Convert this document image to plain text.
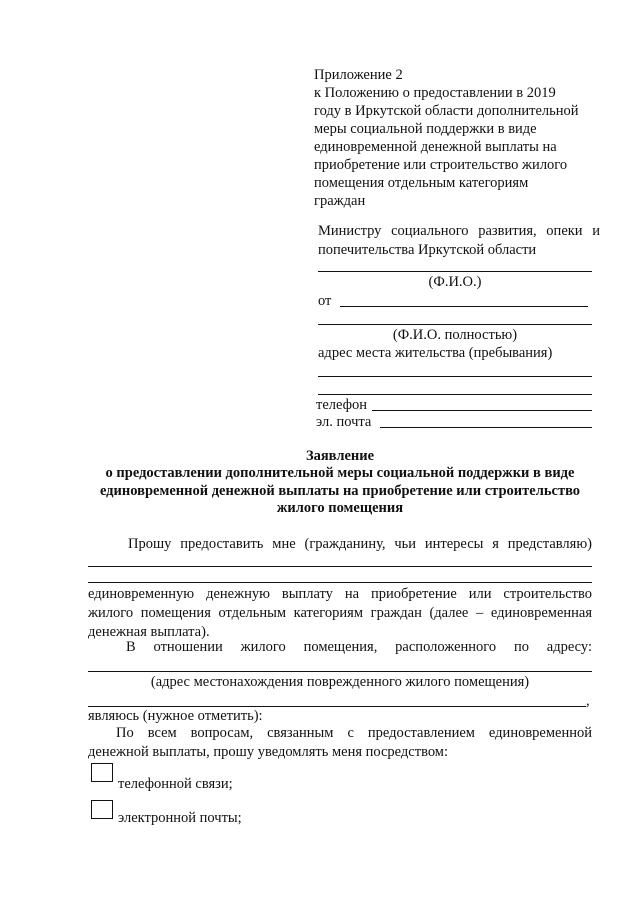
Приложение 2
к Положению о предоставлении в 2019
году в Иркутской области дополнительной
меры социальной поддержки в виде
единовременной денежной выплаты на
приобретение или строительство жилого
помещения отдельным категориям
граждан
Министру социального развития, опеки и
попечительства Иркутской области
(Ф.И.О.)
от
(Ф.И.О. полностью)
адрес места жительства (пребывания)
телефон
эл. почта
Заявление
о предоставлении дополнительной меры социальной поддержки в виде
единовременной денежной выплаты на приобретение или строительство
жилого помещения
Прошу предоставить мне (гражданину, чьи интересы я представляю)
единовременную денежную выплату на приобретение или строительство
жилого помещения отдельным категориям граждан (далее – единовременная
денежная выплата).
В отношении жилого помещения, расположенного по адресу:
(адрес местонахождения поврежденного жилого помещения)
,
являюсь (нужное отметить):
По всем вопросам, связанным с предоставлением единовременной
денежной выплаты, прошу уведомлять меня посредством:
телефонной связи;
электронной почты;
